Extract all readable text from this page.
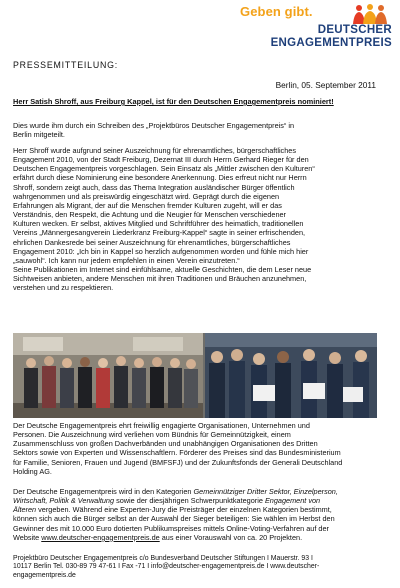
Geben gibt.
DEUTSCHER
ENGAGEMENTPREIS
PRESSEMITTEILUNG:
Berlin, 05. September 2011
Herr Satish Shroff, aus Freiburg Kappel, ist für den Deutschen Engagementpreis nominiert!
Dies wurde ihm durch ein Schreiben des „Projektbüros Deutscher Engagementpreis“ in
Berlin mitgeteilt.
Herr Shroff wurde aufgrund seiner Auszeichnung für ehrenamtliches, bürgerschaftliches
Engagement 2010, von der Stadt Freiburg, Dezernat III durch Herrn Gerhard Rieger für den
Deutschen Engagementpreis vorgeschlagen. Sein Einsatz als „Mittler zwischen den Kulturen“
erfährt durch diese Nominierung eine besondere Anerkennung. Dies erfreut nicht nur Herrn
Shroff, sondern zeigt auch, dass das Thema Integration ausländischer Bürger öffentlich
wahrgenommen und als preiswürdig eingeschätzt wird. Geprägt durch die eigenen
Erfahrungen als Migrant, der auf die Menschen fremder Kulturen zugeht, will er das
Verständnis, den Respekt, die Achtung und die Neugier für Menschen verschiedener
Kulturen wecken. Er selbst, aktives Mitglied und Schriftführer des heimatlich, traditionellen
Vereins „Männergesangverein Liederkranz Freiburg-Kappel“ sagte in seiner erfrischenden,
ehrlichen Dankesrede bei seiner Auszeichnung für ehrenamtliches, bürgerschaftliches
Engagement 2010: „Ich bin in Kappel so herzlich aufgenommen worden und fühle mich hier
„sauwohl“. Ich kann nur jedem empfehlen in einen Verein einzutreten.“
Seine Publikationen im Internet sind einfühlsame, aktuelle Geschichten, die dem Leser neue
Sichtweisen anbieten, andere Menschen mit ihren Traditionen und Bräuchen anzunehmen,
verstehen und zu respektieren.
Der Deutsche Engagementpreis ehrt freiwillig engagierte Organisationen, Unternehmen und
Personen. Die Auszeichnung wird verliehen vom Bündnis für Gemeinnützigkeit, einem
Zusammenschluss von großen Dachverbänden und unabhängigen Organisationen des Dritten
Sektors sowie von Experten und Wissenschaftlern. Förderer des Preises sind das Bundesministerium
für Familie, Senioren, Frauen und Jugend (BMFSFJ) und der Zukunftsfonds der Generali Deutschland
Holding AG.
Der Deutsche Engagementpreis wird in den Kategorien Gemeinnütziger Dritter Sektor, Einzelperson,
Wirtschaft, Politik & Verwaltung sowie der diesjährigen Schwerpunktkategorie Engagement von
Älteren vergeben. Während eine Experten-Jury die Preisträger der einzelnen Kategorien bestimmt,
können sich auch die Bürger selbst an der Auswahl der Sieger beteiligen: Sie wählen im Herbst den
Gewinner des mit 10.000 Euro dotierten Publikumspreises mittels Online-Voting-Verfahren auf der
Website www.deutscher-engagementpreis.de aus einer Vorauswahl von ca. 20 Projekten.
Projektbüro Deutscher Engagementpreis c/o Bundesverband Deutscher Stiftungen I Mauerstr. 93 I
10117 Berlin Tel. 030-89 79 47-61 I Fax -71 I info@deutscher-engagementpreis.de I www.deutscher-
engagementpreis.de
